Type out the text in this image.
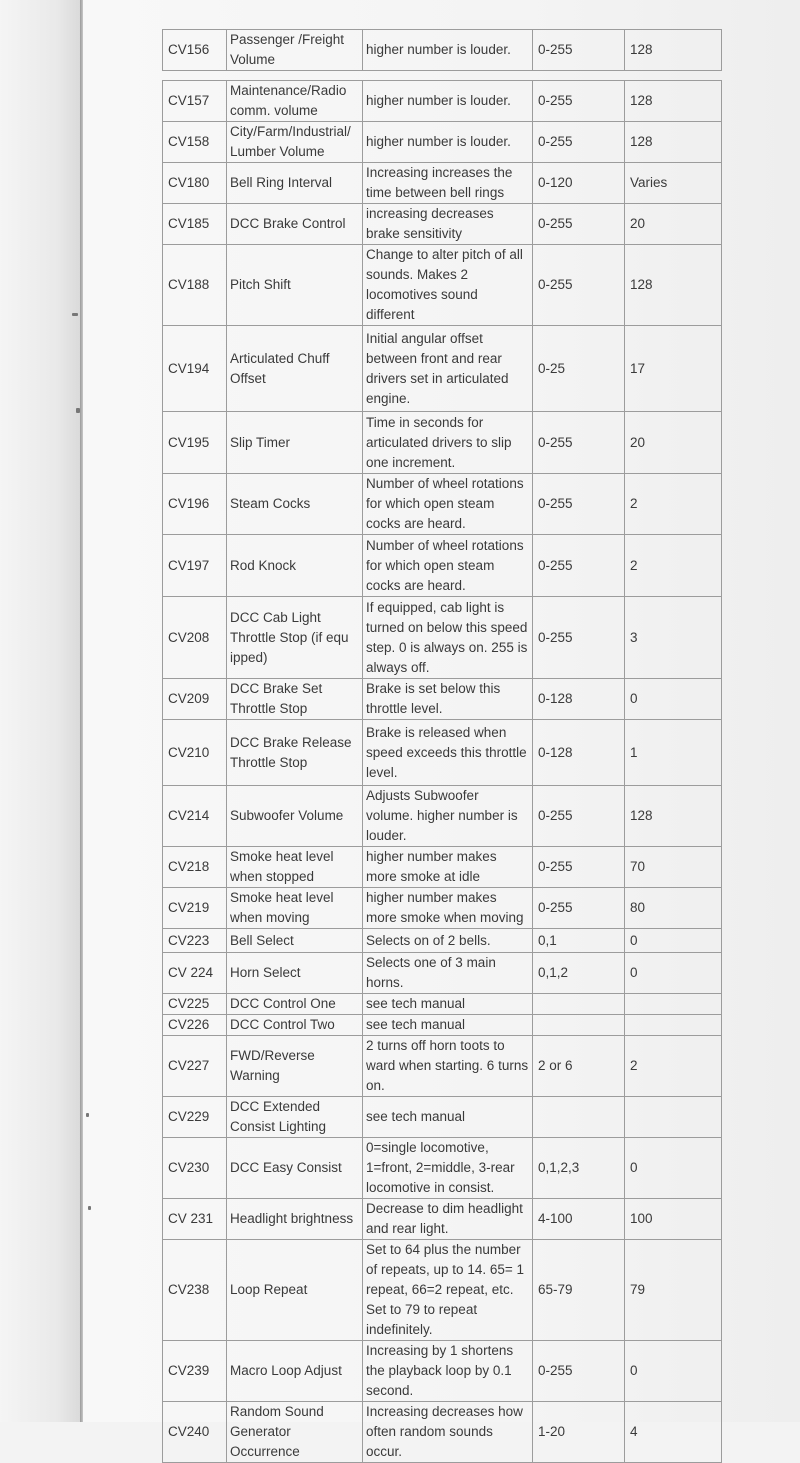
CV156	Passenger /Freight Volume	higher number is louder.	0-255	128
CV157	Maintenance/Radio comm. volume	higher number is louder.	0-255	128
CV158	City/Farm/Industrial/ Lumber Volume	higher number is louder.	0-255	128
CV180	Bell Ring Interval	Increasing increases the time between bell rings	0-120	Varies
CV185	DCC Brake Control	increasing decreases brake sensitivity	0-255	20
CV188	Pitch Shift	Change to alter pitch of all sounds. Makes 2 locomotives sound different	0-255	128
CV194	Articulated Chuff Offset	Initial angular offset between front and rear drivers set in articulated engine.	0-25	17
CV195	Slip Timer	Time in seconds for articulated drivers to slip one increment.	0-255	20
CV196	Steam Cocks	Number of wheel rotations for which open steam cocks are heard.	0-255	2
CV197	Rod Knock	Number of wheel rotations for which open steam cocks are heard.	0-255	2
CV208	DCC Cab Light Throttle Stop (if equ ipped)	If equipped, cab light is turned on below this speed step. 0 is always on. 255 is always off.	0-255	3
CV209	DCC Brake Set Throttle Stop	Brake is set below this throttle level.	0-128	0
CV210	DCC Brake Release Throttle Stop	Brake is released when speed exceeds this throttle level.	0-128	1
CV214	Subwoofer Volume	Adjusts Subwoofer volume. higher number is louder.	0-255	128
CV218	Smoke heat level when stopped	higher number makes more smoke at idle	0-255	70
CV219	Smoke heat level when moving	higher number makes more smoke when moving	0-255	80
CV223	Bell Select	Selects on of 2 bells.	0,1	0
CV 224	Horn Select	Selects one of 3 main horns.	0,1,2	0
CV225	DCC Control One	see tech manual		
CV226	DCC Control Two	see tech manual		
CV227	FWD/Reverse Warning	2 turns off horn toots to ward when starting. 6 turns on.	2 or 6	2
CV229	DCC Extended Consist Lighting	see tech manual		
CV230	DCC Easy Consist	0=single locomotive, 1=front, 2=middle, 3-rear locomotive in consist.	0,1,2,3	0
CV 231	Headlight brightness	Decrease to dim headlight and rear light.	4-100	100
CV238	Loop Repeat	Set to 64 plus the number of repeats, up to 14. 65= 1 repeat, 66=2 repeat, etc. Set to 79 to repeat indefinitely.	65-79	79
CV239	Macro Loop Adjust	Increasing by 1 shortens the playback loop by 0.1 second.	0-255	0
CV240	Random Sound Generator Occurrence	Increasing decreases how often random sounds occur.	1-20	4
